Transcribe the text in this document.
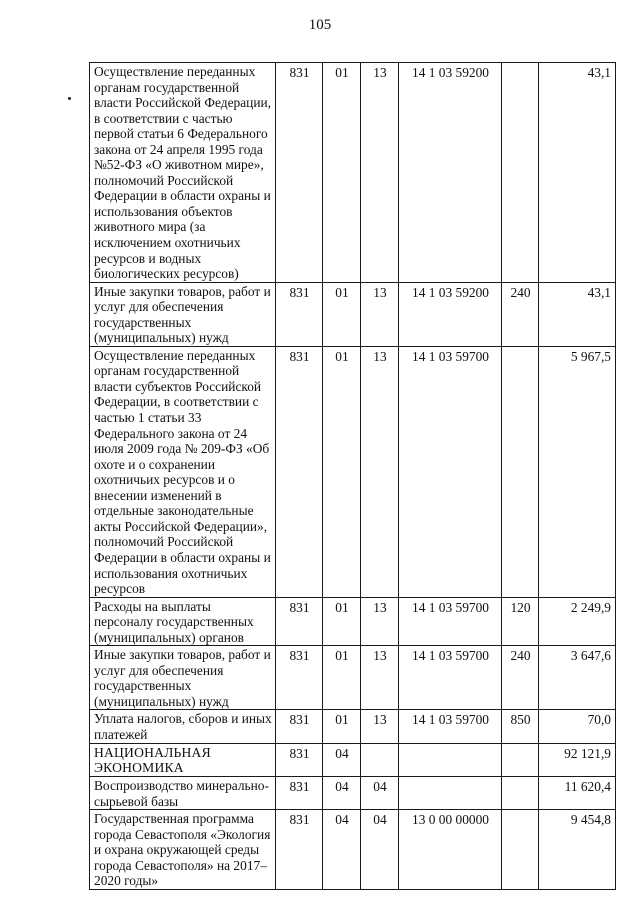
105
Осуществление переданных органам государственной власти Российской Федерации, в соответствии с частью первой статьи 6 Федерального закона от 24 апреля 1995 года №52-ФЗ «О животном мире», полномочий Российской Федерации в области охраны и использования объектов животного мира (за исключением охотничьих ресурсов и водных биологических ресурсов)	831	01	13	14 1 03 59200		43,1
Иные закупки товаров, работ и услуг для обеспечения государственных (муниципальных) нужд	831	01	13	14 1 03 59200	240	43,1
Осуществление переданных органам государственной власти субъектов Российской Федерации, в соответствии с частью 1 статьи 33 Федерального закона от 24 июля 2009 года № 209-ФЗ «Об охоте и о сохранении охотничьих ресурсов и о внесении изменений в отдельные законодательные акты Российской Федерации», полномочий Российской Федерации в области охраны и использования охотничьих ресурсов	831	01	13	14 1 03 59700		5 967,5
Расходы на выплаты персоналу государственных (муниципальных) органов	831	01	13	14 1 03 59700	120	2 249,9
Иные закупки товаров, работ и услуг для обеспечения государственных (муниципальных) нужд	831	01	13	14 1 03 59700	240	3 647,6
Уплата налогов, сборов и иных платежей	831	01	13	14 1 03 59700	850	70,0
НАЦИОНАЛЬНАЯ ЭКОНОМИКА	831	04				92 121,9
Воспроизводство минерально-сырьевой базы	831	04	04			11 620,4
Государственная программа города Севастополя «Экология и охрана окружающей среды города Севастополя» на 2017–2020 годы»	831	04	04	13 0 00 00000		9 454,8
